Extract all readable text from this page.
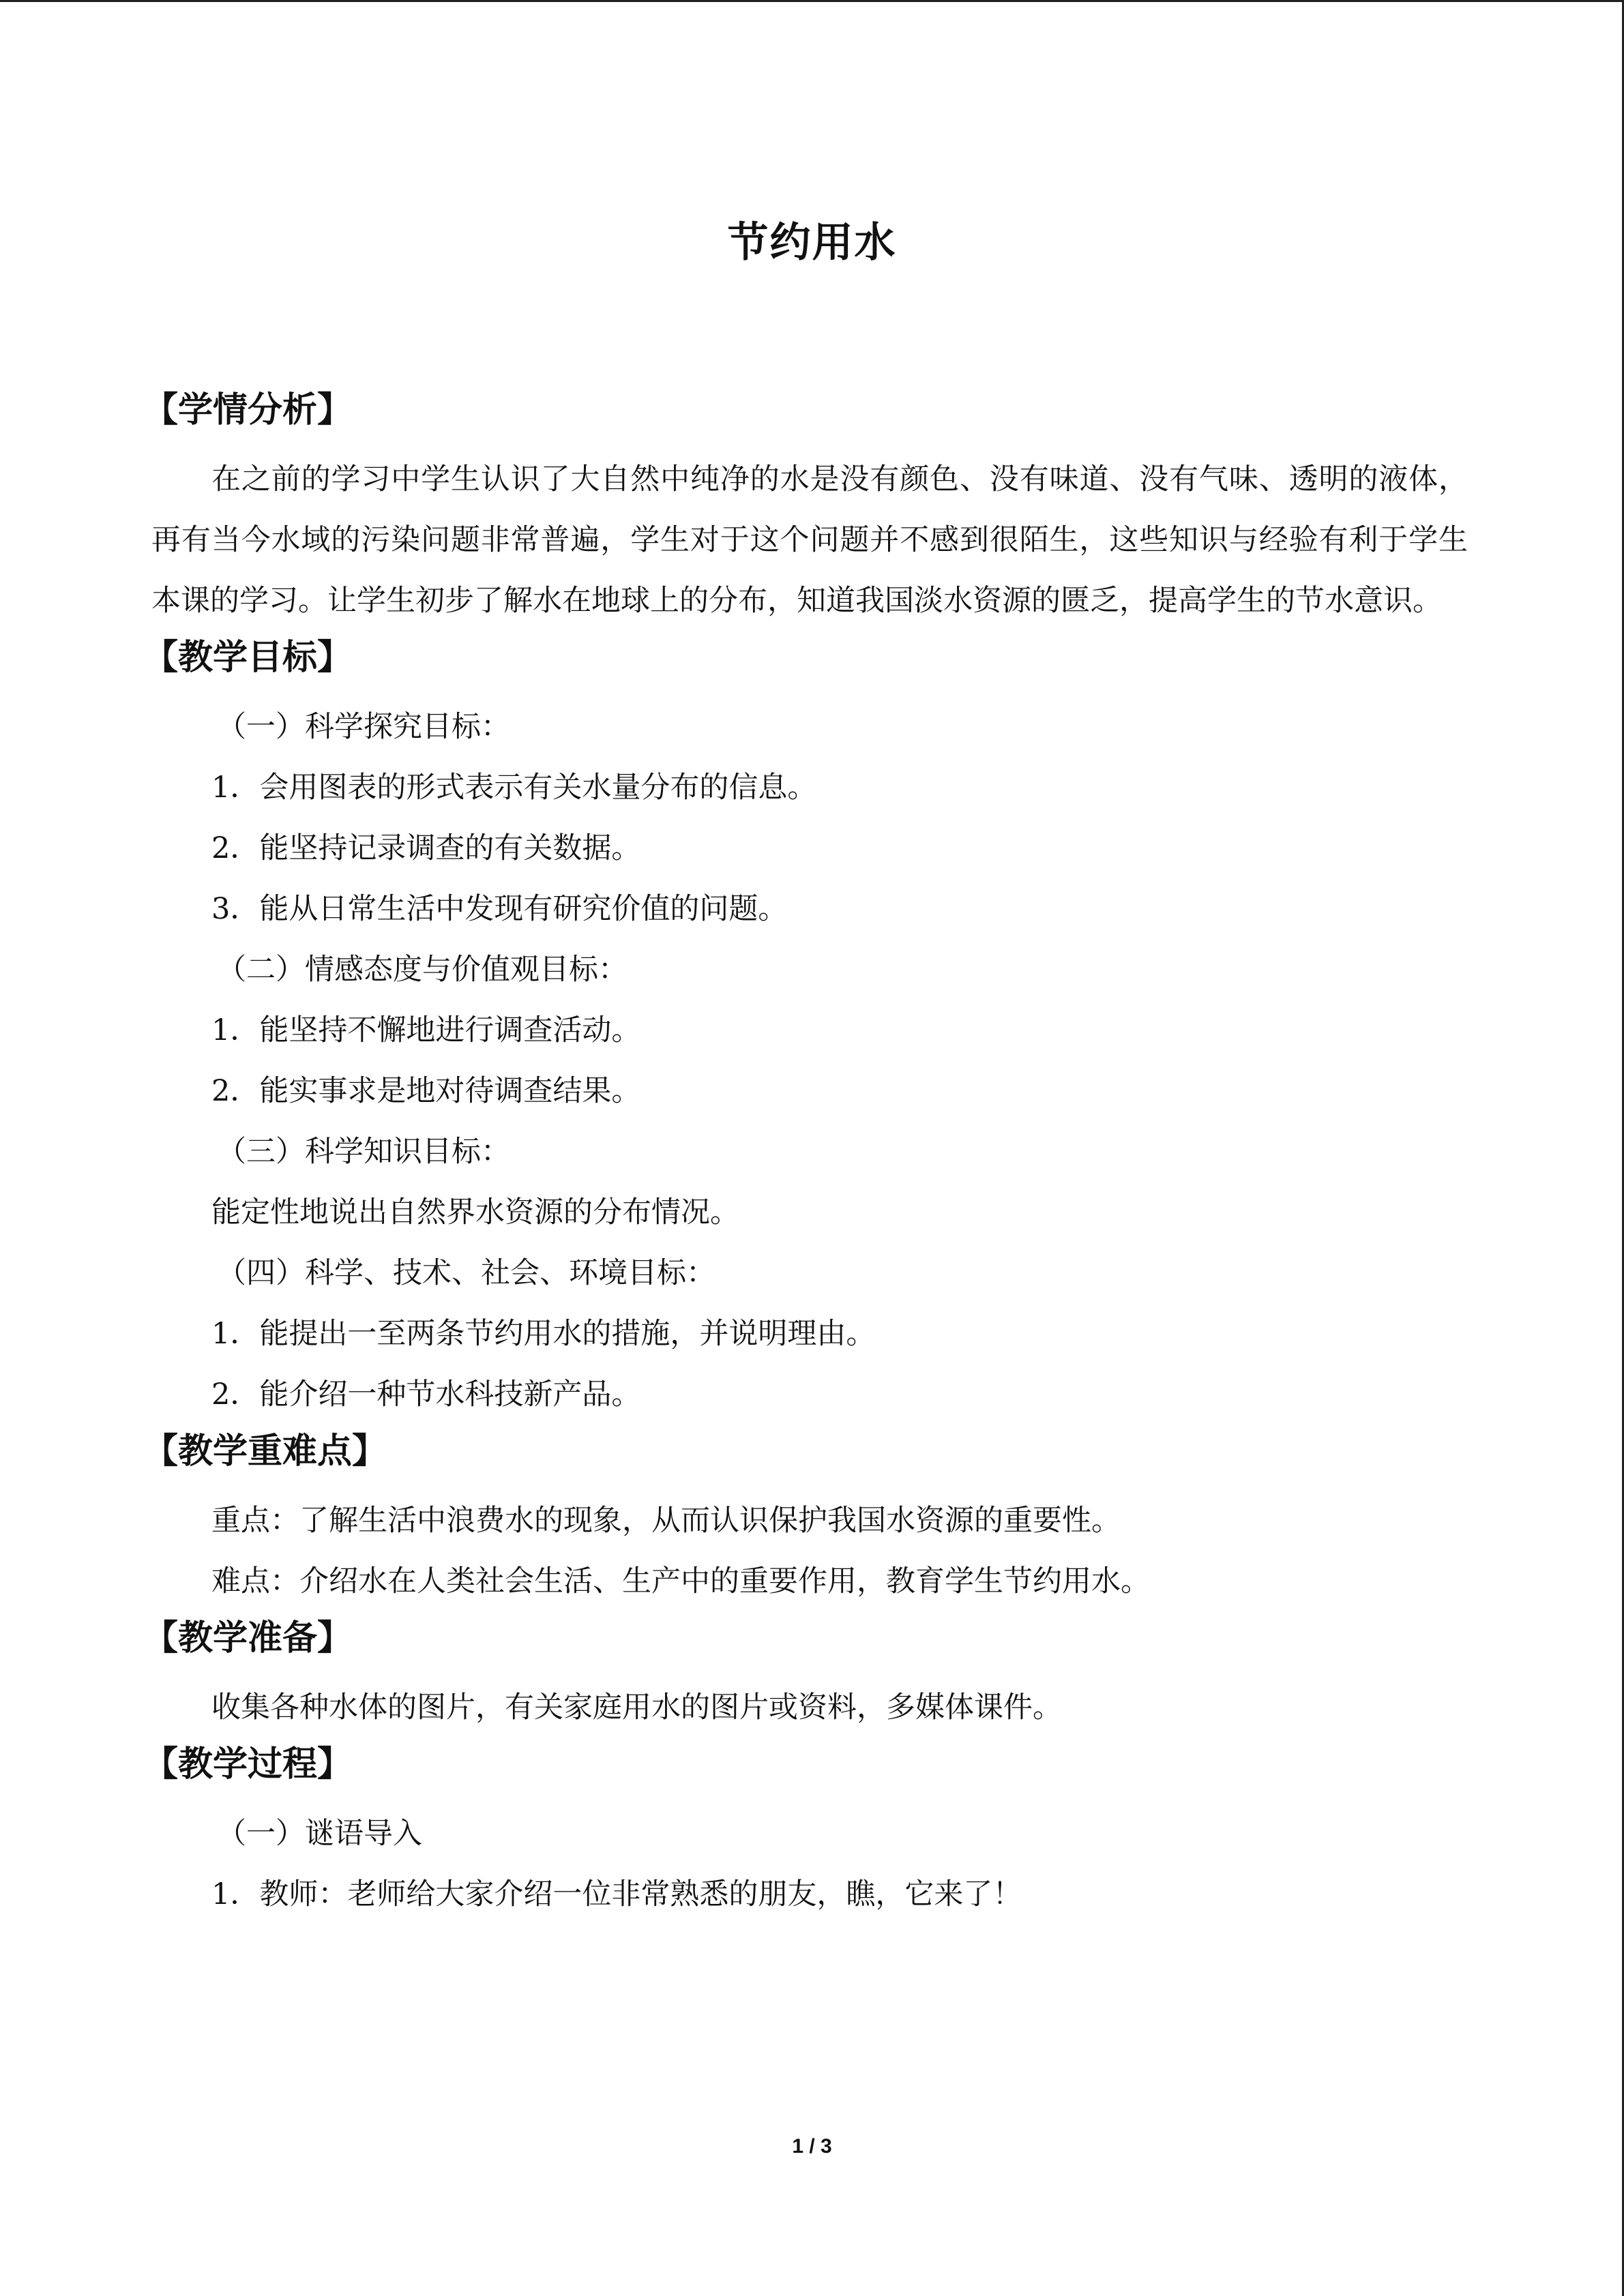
节约用水
【学情分析】

在之前的学习中学生认识了大自然中纯净的水是没有颜色、没有味道、没有气味、透明的液体，再有当今水域的污染问题非常普遍，学生对于这个问题并不感到很陌生，这些知识与经验有利于学生本课的学习。让学生初步了解水在地球上的分布，知道我国淡水资源的匮乏，提高学生的节水意识。

【教学目标】
（一）科学探究目标：
1．会用图表的形式表示有关水量分布的信息。
2．能坚持记录调查的有关数据。
3．能从日常生活中发现有研究价值的问题。
（二）情感态度与价值观目标：
1．能坚持不懈地进行调查活动。
2．能实事求是地对待调查结果。
（三）科学知识目标：
能定性地说出自然界水资源的分布情况。
（四）科学、技术、社会、环境目标：
1．能提出一至两条节约用水的措施，并说明理由。
2．能介绍一种节水科技新产品。
【教学重难点】
重点：了解生活中浪费水的现象，从而认识保护我国水资源的重要性。
难点：介绍水在人类社会生活、生产中的重要作用，教育学生节约用水。
【教学准备】
收集各种水体的图片，有关家庭用水的图片或资料，多媒体课件。
【教学过程】
（一）谜语导入
1．教师：老师给大家介绍一位非常熟悉的朋友，瞧，它来了！
1 / 3
